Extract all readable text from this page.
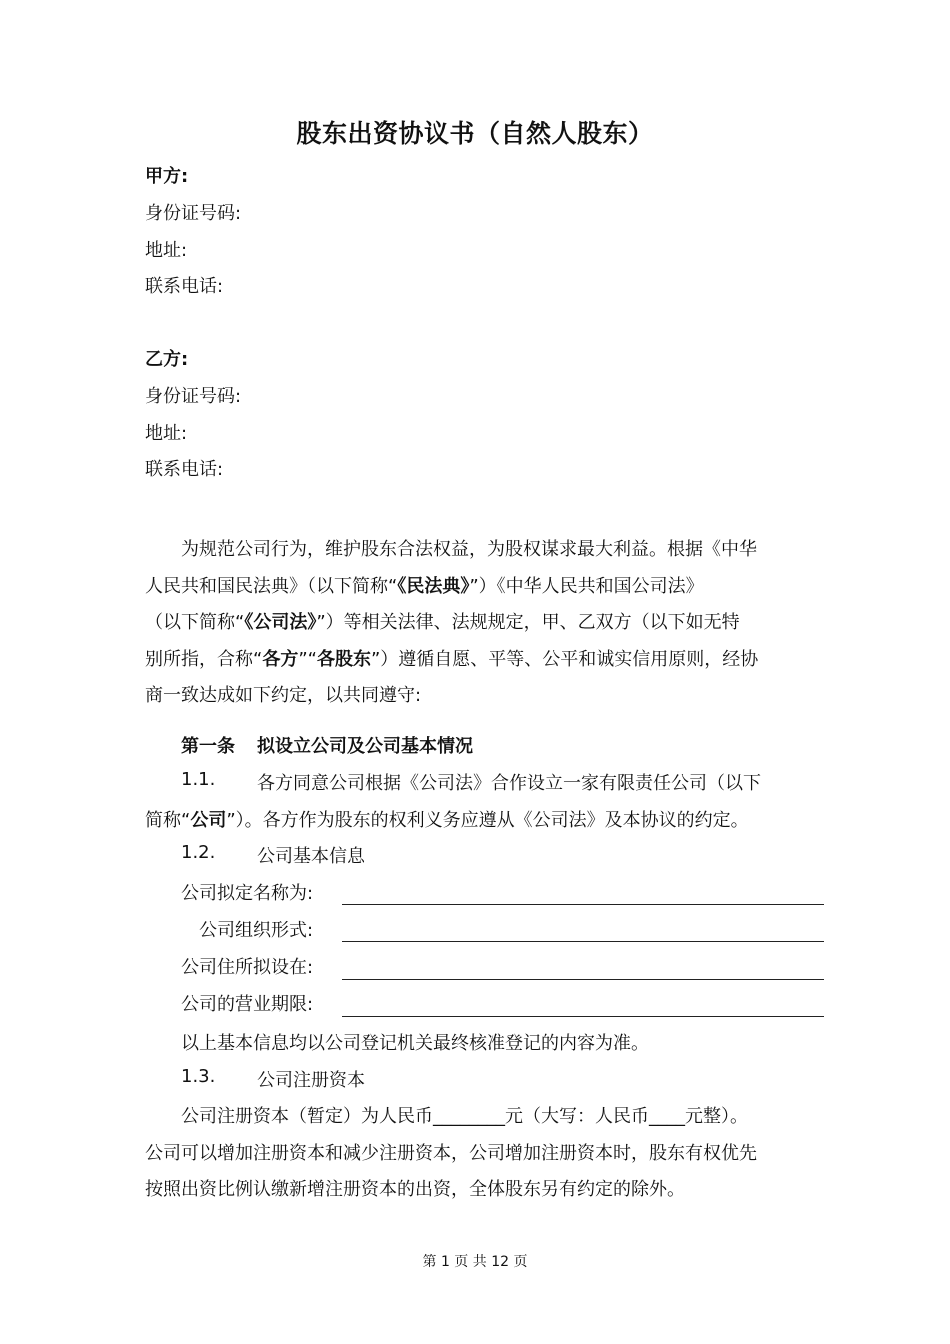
股东出资协议书（自然人股东）
甲方:
身份证号码:
地址:
联系电话:
乙方:
身份证号码:
地址:
联系电话:
为规范公司行为，维护股东合法权益，为股权谋求最大利益。根据《中华
人民共和国民法典》（以下简称“《民法典》”）《中华人民共和国公司法》
（以下简称“《公司法》”）等相关法律、法规规定，甲、乙双方（以下如无特
别所指，合称“各方”“各股东”）遵循自愿、平等、公平和诚实信用原则，经协
商一致达成如下约定，以共同遵守:
第一条 拟设立公司及公司基本情况
1.1. 各方同意公司根据《公司法》合作设立一家有限责任公司（以下
简称“公司”）。各方作为股东的权利义务应遵从《公司法》及本协议的约定。
1.2. 公司基本信息
公司拟定名称为:
公司组织形式:
公司住所拟设在:
公司的营业期限:
以上基本信息均以公司登记机关最终核准登记的内容为准。
1.3. 公司注册资本
公司注册资本（暂定）为人民币________元（大写：人民币____元整）。
公司可以增加注册资本和减少注册资本，公司增加注册资本时，股东有权优先
按照出资比例认缴新增注册资本的出资，全体股东另有约定的除外。
第 1 页 共 12 页
